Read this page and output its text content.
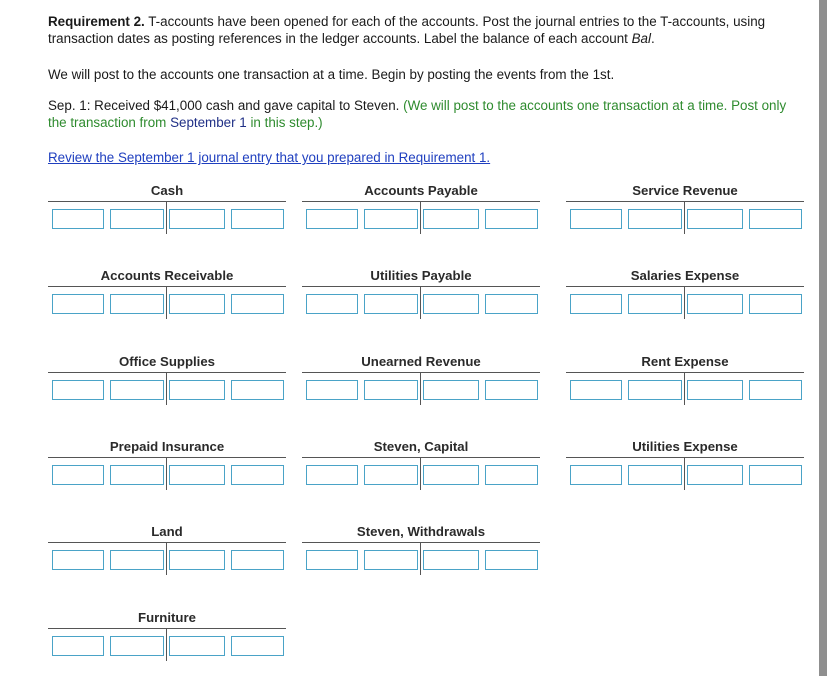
Requirement 2. T-accounts have been opened for each of the accounts. Post the journal entries to the T-accounts, using transaction dates as posting references in the ledger accounts. Label the balance of each account Bal.

We will post to the accounts one transaction at a time. Begin by posting the events from the 1st.

Sep. 1: Received $41,000 cash and gave capital to Steven. (We will post to the accounts one transaction at a time. Post only the transaction from September 1 in this step.)

Review the September 1 journal entry that you prepared in Requirement 1.

Cash	Accounts Payable	Service Revenue
Accounts Receivable	Utilities Payable	Salaries Expense
Office Supplies	Unearned Revenue	Rent Expense
Prepaid Insurance	Steven, Capital	Utilities Expense
Land	Steven, Withdrawals
Furniture
